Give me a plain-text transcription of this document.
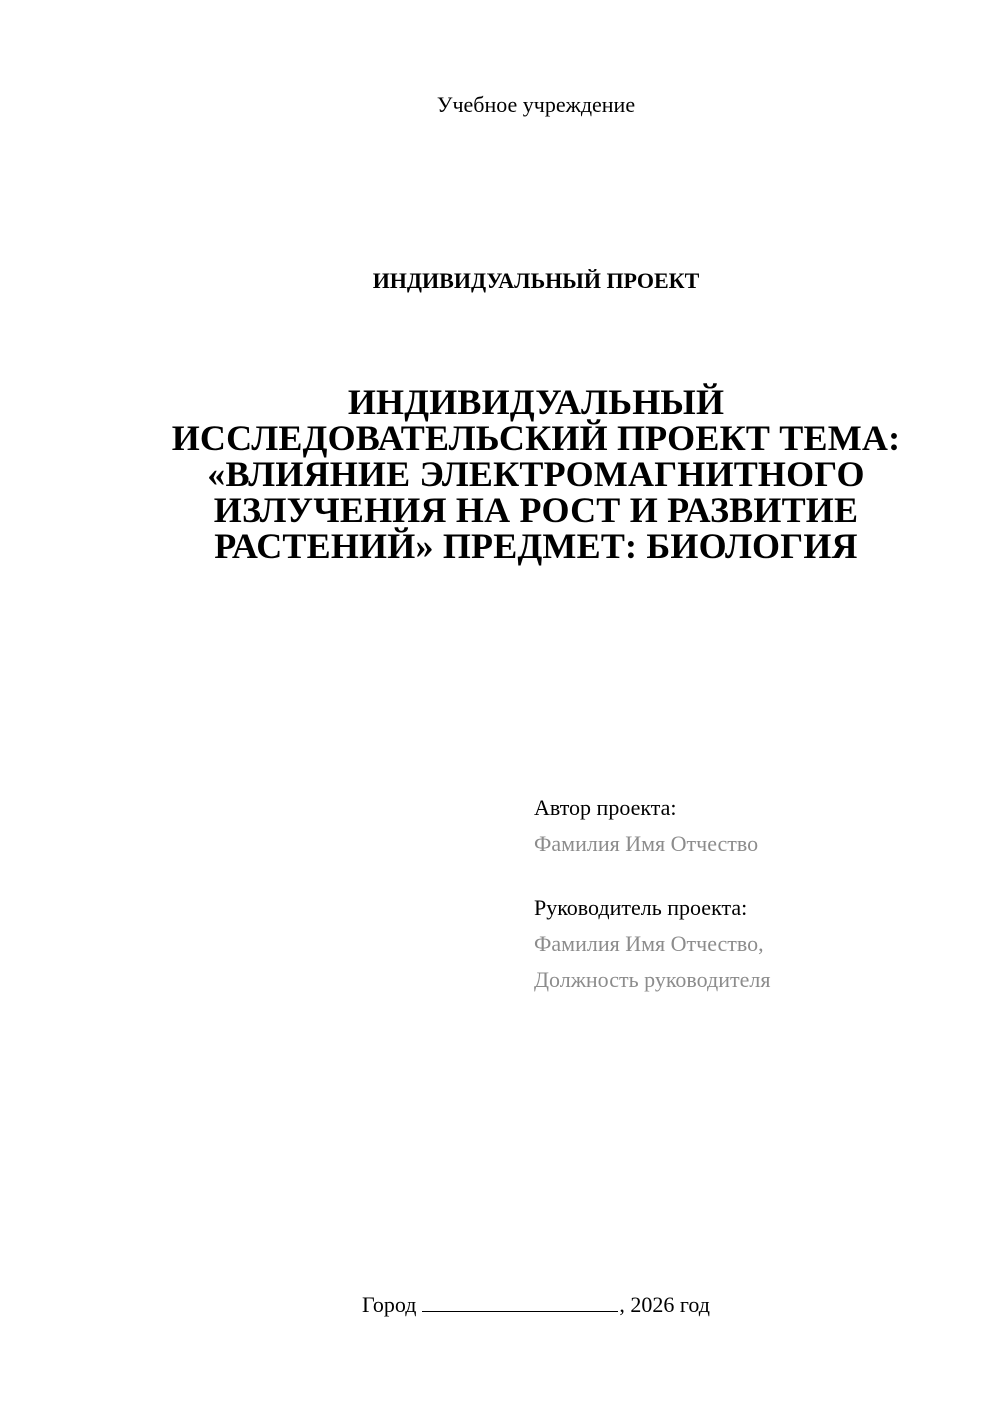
Учебное учреждение
ИНДИВИДУАЛЬНЫЙ ПРОЕКТ
ИНДИВИДУАЛЬНЫЙ
ИССЛЕДОВАТЕЛЬСКИЙ ПРОЕКТ ТЕМА:
«ВЛИЯНИЕ ЭЛЕКТРОМАГНИТНОГО
ИЗЛУЧЕНИЯ НА РОСТ И РАЗВИТИЕ
РАСТЕНИЙ» ПРЕДМЕТ: БИОЛОГИЯ
Автор проекта:
Фамилия Имя Отчество
Руководитель проекта:
Фамилия Имя Отчество,
Должность руководителя
Город	, 2026 год
